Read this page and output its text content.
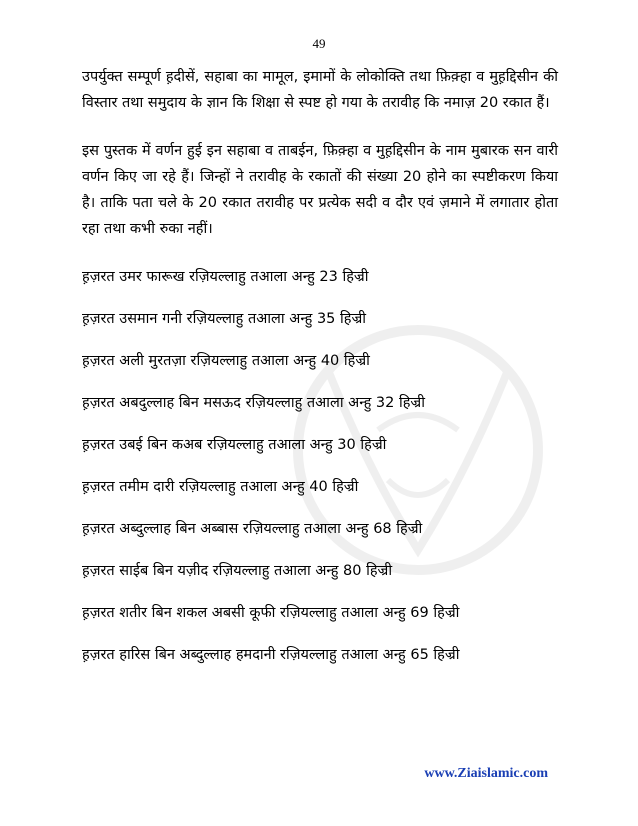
49

उपर्युक्त सम्पूर्ण ह़दीसें, सहाबा का मामूल, इमामों के लोकोक्ति तथा फ़िक़्हा व मुह़द्दिसीन की विस्तार तथा समुदाय के ज्ञान कि शिक्षा से स्पष्ट हो गया के तरावीह कि नमाज़ 20 रकात हैं।

इस पुस्तक में वर्णन हुई इन सहाबा व ताबईन, फ़िक़्हा व मुह़द्दिसीन के नाम मुबारक सन वारी वर्णन किए जा रहे हैं। जिन्हों ने तरावीह के रकातों की संख्या 20 होने का स्पष्टीकरण किया है। ताकि पता चले के 20 रकात तरावीह पर प्रत्येक सदी व दौर एवं ज़माने में लगातार होता रहा तथा कभी रुका नहीं।

ह़ज़रत उमर फारूख रज़ियल्लाहु तआला अन्हु 23 हिज्री
ह़ज़रत उसमान गनी रज़ियल्लाहु तआला अन्हु 35 हिज्री
ह़ज़रत अली मुरतज़ा रज़ियल्लाहु तआला अन्हु 40 हिज्री
ह़ज़रत अबदुल्लाह बिन मसऊद रज़ियल्लाहु तआला अन्हु 32 हिज्री
ह़ज़रत उबई बिन कअब रज़ियल्लाहु तआला अन्हु 30 हिज्री
ह़ज़रत तमीम दारी रज़ियल्लाहु तआला अन्हु 40 हिज्री
ह़ज़रत अब्दुल्लाह बिन अब्बास रज़ियल्लाहु तआला अन्हु 68 हिज्री
ह़ज़रत साईब बिन यज़ीद रज़ियल्लाहु तआला अन्हु 80 हिज्री
ह़ज़रत शतीर बिन शकल अबसी कूफी रज़ियल्लाहु तआला अन्हु 69 हिज्री
ह़ज़रत हारिस बिन अब्दुल्लाह हमदानी रज़ियल्लाहु तआला अन्हु 65 हिज्री
www.Ziaislamic.com
